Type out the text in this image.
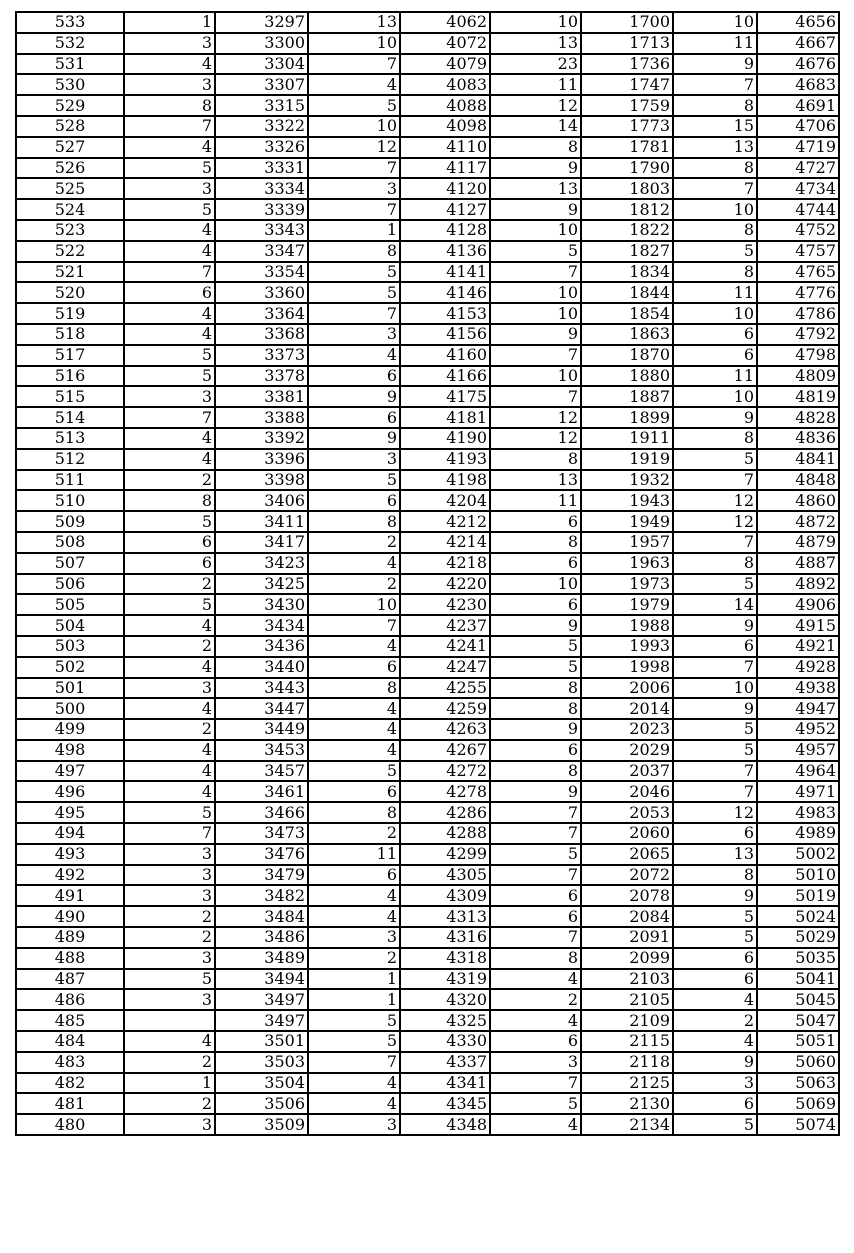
533	1	3297	13	4062	10	1700	10	4656
532	3	3300	10	4072	13	1713	11	4667
531	4	3304	7	4079	23	1736	9	4676
530	3	3307	4	4083	11	1747	7	4683
529	8	3315	5	4088	12	1759	8	4691
528	7	3322	10	4098	14	1773	15	4706
527	4	3326	12	4110	8	1781	13	4719
526	5	3331	7	4117	9	1790	8	4727
525	3	3334	3	4120	13	1803	7	4734
524	5	3339	7	4127	9	1812	10	4744
523	4	3343	1	4128	10	1822	8	4752
522	4	3347	8	4136	5	1827	5	4757
521	7	3354	5	4141	7	1834	8	4765
520	6	3360	5	4146	10	1844	11	4776
519	4	3364	7	4153	10	1854	10	4786
518	4	3368	3	4156	9	1863	6	4792
517	5	3373	4	4160	7	1870	6	4798
516	5	3378	6	4166	10	1880	11	4809
515	3	3381	9	4175	7	1887	10	4819
514	7	3388	6	4181	12	1899	9	4828
513	4	3392	9	4190	12	1911	8	4836
512	4	3396	3	4193	8	1919	5	4841
511	2	3398	5	4198	13	1932	7	4848
510	8	3406	6	4204	11	1943	12	4860
509	5	3411	8	4212	6	1949	12	4872
508	6	3417	2	4214	8	1957	7	4879
507	6	3423	4	4218	6	1963	8	4887
506	2	3425	2	4220	10	1973	5	4892
505	5	3430	10	4230	6	1979	14	4906
504	4	3434	7	4237	9	1988	9	4915
503	2	3436	4	4241	5	1993	6	4921
502	4	3440	6	4247	5	1998	7	4928
501	3	3443	8	4255	8	2006	10	4938
500	4	3447	4	4259	8	2014	9	4947
499	2	3449	4	4263	9	2023	5	4952
498	4	3453	4	4267	6	2029	5	4957
497	4	3457	5	4272	8	2037	7	4964
496	4	3461	6	4278	9	2046	7	4971
495	5	3466	8	4286	7	2053	12	4983
494	7	3473	2	4288	7	2060	6	4989
493	3	3476	11	4299	5	2065	13	5002
492	3	3479	6	4305	7	2072	8	5010
491	3	3482	4	4309	6	2078	9	5019
490	2	3484	4	4313	6	2084	5	5024
489	2	3486	3	4316	7	2091	5	5029
488	3	3489	2	4318	8	2099	6	5035
487	5	3494	1	4319	4	2103	6	5041
486	3	3497	1	4320	2	2105	4	5045
485		3497	5	4325	4	2109	2	5047
484	4	3501	5	4330	6	2115	4	5051
483	2	3503	7	4337	3	2118	9	5060
482	1	3504	4	4341	7	2125	3	5063
481	2	3506	4	4345	5	2130	6	5069
480	3	3509	3	4348	4	2134	5	5074
